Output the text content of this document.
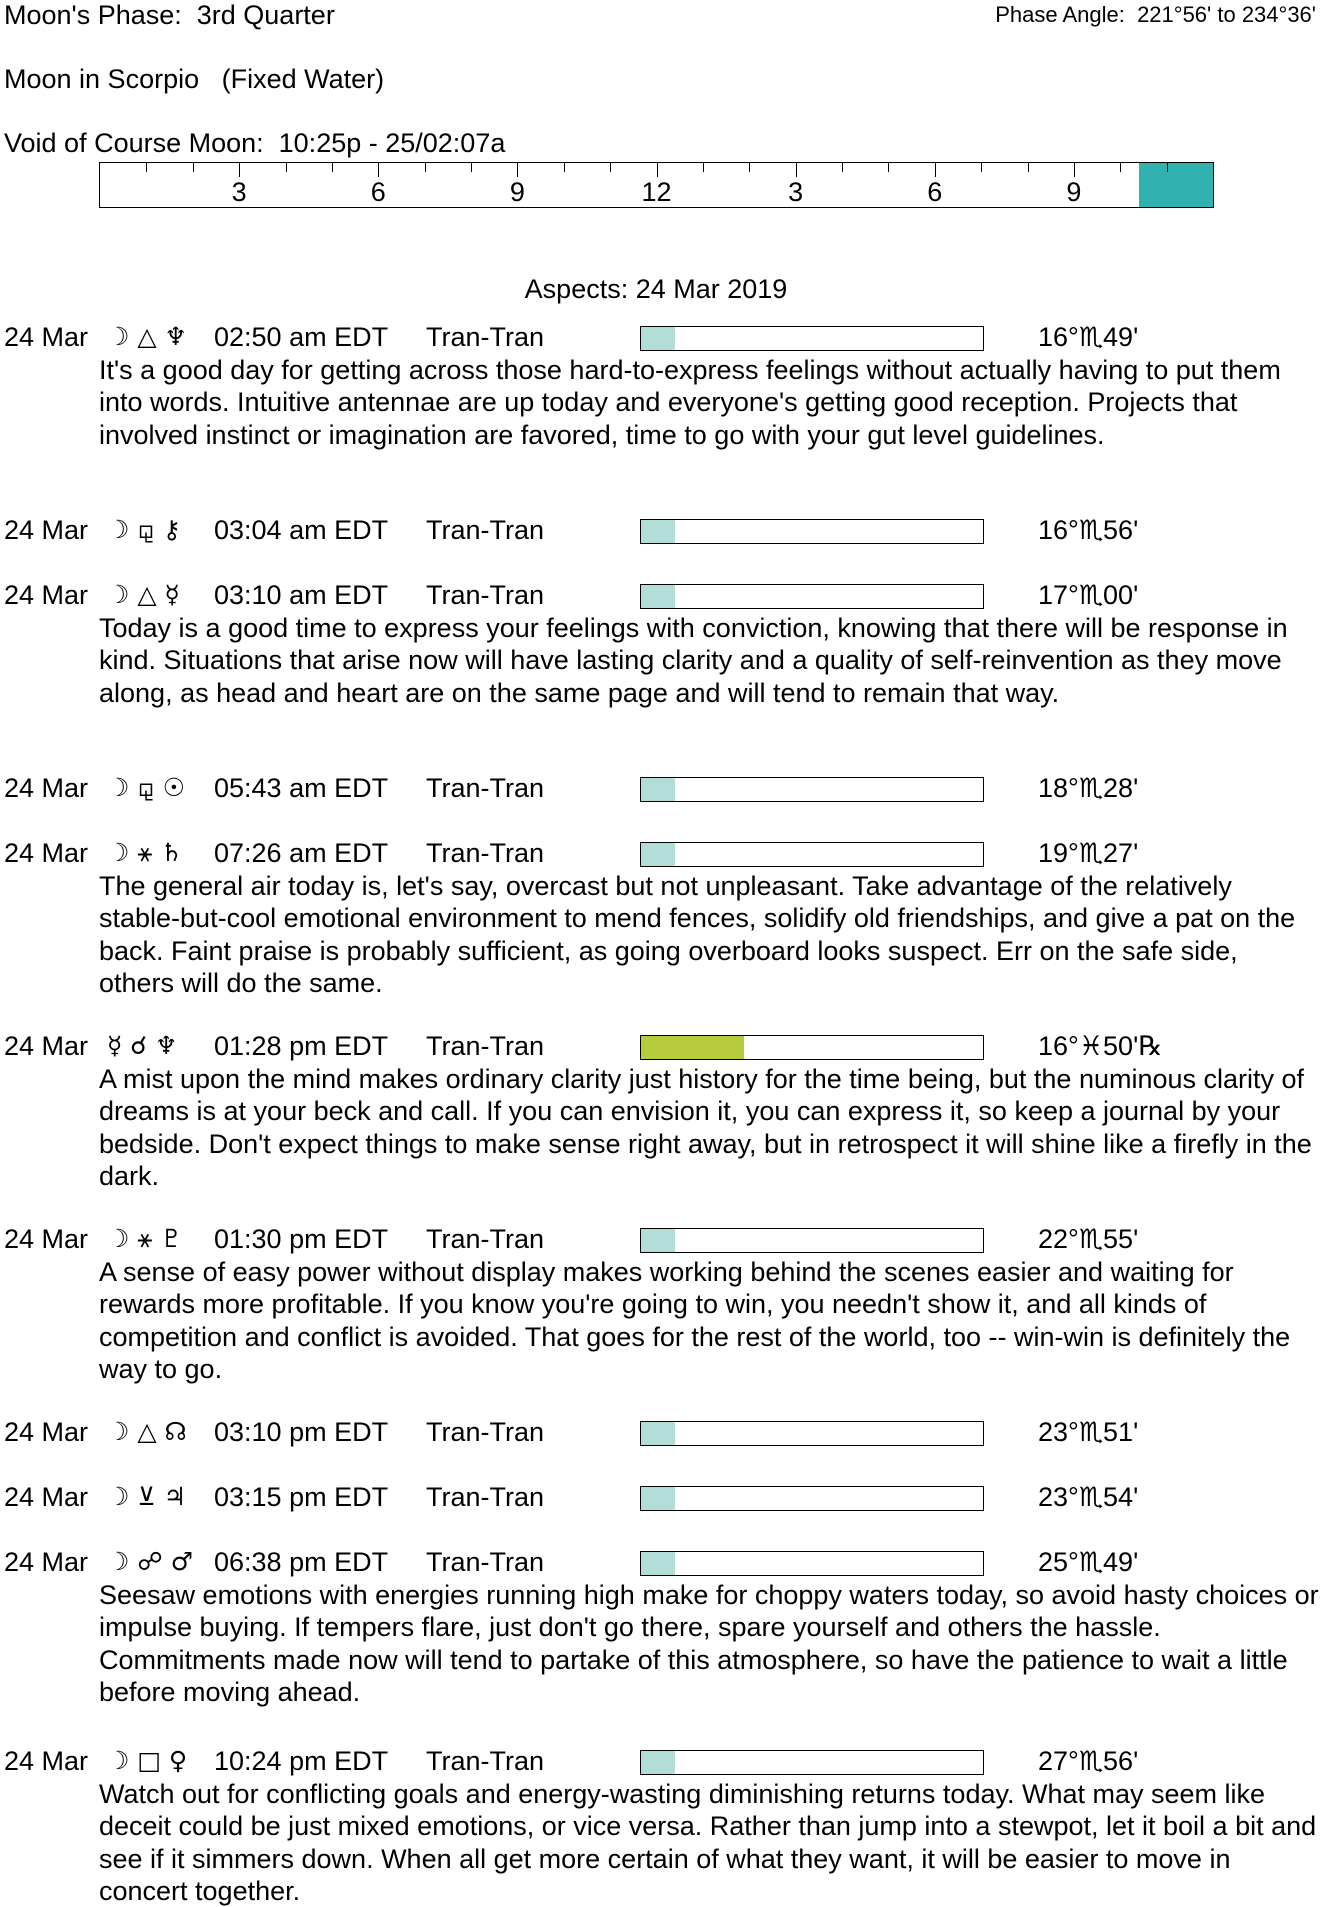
Moon's Phase:  3rd Quarter	Phase Angle:  221°56' to 234°36'
Moon in Scorpio   (Fixed Water)
Void of Course Moon:  10:25p - 25/02:07a
3	6	9	12	3	6	9
Aspects: 24 Mar 2019
24 Mar ☽ △ ♆ 02:50 am EDT Tran-Tran	16°♏49'
It's a good day for getting across those hard-to-express feelings without actually having to put them into words. Intuitive antennae are up today and everyone's getting good reception. Projects that involved instinct or imagination are favored, time to go with your gut level guidelines.
24 Mar ☽ ⚼ ⚷ 03:04 am EDT Tran-Tran	16°♏56'
24 Mar ☽ △ ☿ 03:10 am EDT Tran-Tran	17°♏00'
Today is a good time to express your feelings with conviction, knowing that there will be response in kind. Situations that arise now will have lasting clarity and a quality of self-reinvention as they move along, as head and heart are on the same page and will tend to remain that way.
24 Mar ☽ ⚼ ☉ 05:43 am EDT Tran-Tran	18°♏28'
24 Mar ☽ ⚹ ♄ 07:26 am EDT Tran-Tran	19°♏27'
The general air today is, let's say, overcast but not unpleasant. Take advantage of the relatively stable-but-cool emotional environment to mend fences, solidify old friendships, and give a pat on the back. Faint praise is probably sufficient, as going overboard looks suspect. Err on the safe side, others will do the same.
24 Mar ☿ ☌ ♆ 01:28 pm EDT Tran-Tran	16°♓50'℞
A mist upon the mind makes ordinary clarity just history for the time being, but the numinous clarity of dreams is at your beck and call. If you can envision it, you can express it, so keep a journal by your bedside. Don't expect things to make sense right away, but in retrospect it will shine like a firefly in the dark.
24 Mar ☽ ⚹ ♇ 01:30 pm EDT Tran-Tran	22°♏55'
A sense of easy power without display makes working behind the scenes easier and waiting for rewards more profitable. If you know you're going to win, you needn't show it, and all kinds of competition and conflict is avoided. That goes for the rest of the world, too -- win-win is definitely the way to go.
24 Mar ☽ △ ☊ 03:10 pm EDT Tran-Tran	23°♏51'
24 Mar ☽ ⊻ ♃ 03:15 pm EDT Tran-Tran	23°♏54'
24 Mar ☽ ☍ ♂ 06:38 pm EDT Tran-Tran	25°♏49'
Seesaw emotions with energies running high make for choppy waters today, so avoid hasty choices or impulse buying. If tempers flare, just don't go there, spare yourself and others the hassle. Commitments made now will tend to partake of this atmosphere, so have the patience to wait a little before moving ahead.
24 Mar ☽ □ ♀ 10:24 pm EDT Tran-Tran	27°♏56'
Watch out for conflicting goals and energy-wasting diminishing returns today. What may seem like deceit could be just mixed emotions, or vice versa. Rather than jump into a stewpot, let it boil a bit and see if it simmers down. When all get more certain of what they want, it will be easier to move in concert together.
